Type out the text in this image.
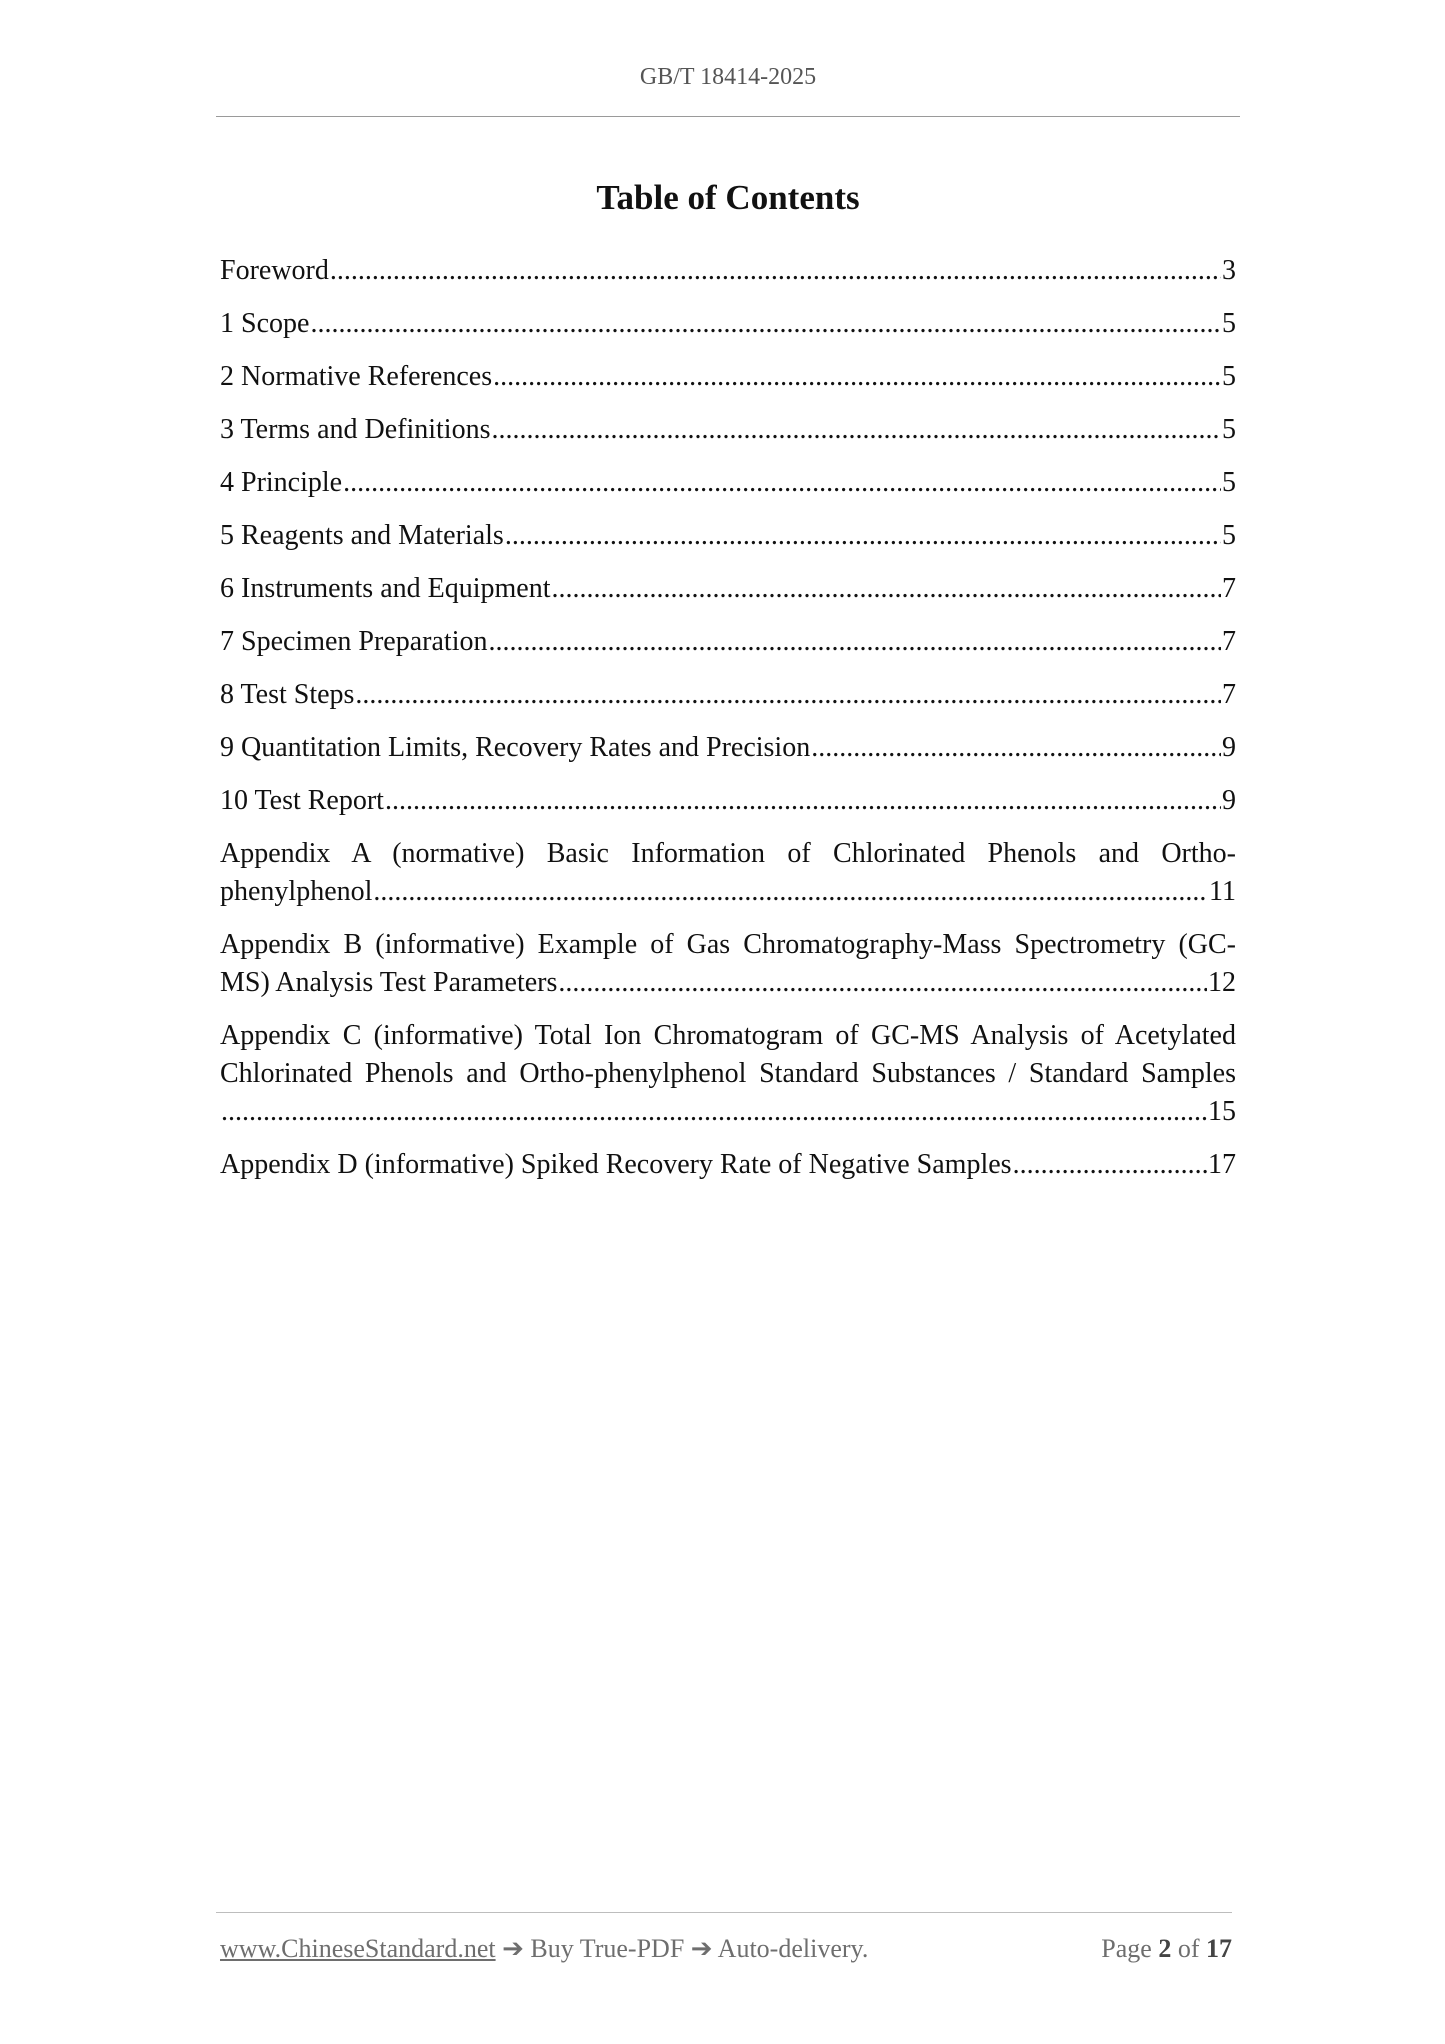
GB/T 18414-2025
Table of Contents
Foreword .....	3
1 Scope .....	5
2 Normative References .....	5
3 Terms and Definitions .....	5
4 Principle .....	5
5 Reagents and Materials .....	5
6 Instruments and Equipment .....	7
7 Specimen Preparation .....	7
8 Test Steps .....	7
9 Quantitation Limits, Recovery Rates and Precision .....	9
10 Test Report .....	9
Appendix A (normative) Basic Information of Chlorinated Phenols and Ortho-
phenylphenol .....	11
Appendix B (informative) Example of Gas Chromatography-Mass Spectrometry (GC-
MS) Analysis Test Parameters .....	12
Appendix C (informative) Total Ion Chromatogram of GC-MS Analysis of Acetylated
Chlorinated Phenols and Ortho-phenylphenol Standard Substances / Standard Samples
.....
15
Appendix D (informative) Spiked Recovery Rate of Negative Samples .....	17
www.ChineseStandard.net ➔ Buy True-PDF ➔ Auto-delivery.	Page 2 of 17
